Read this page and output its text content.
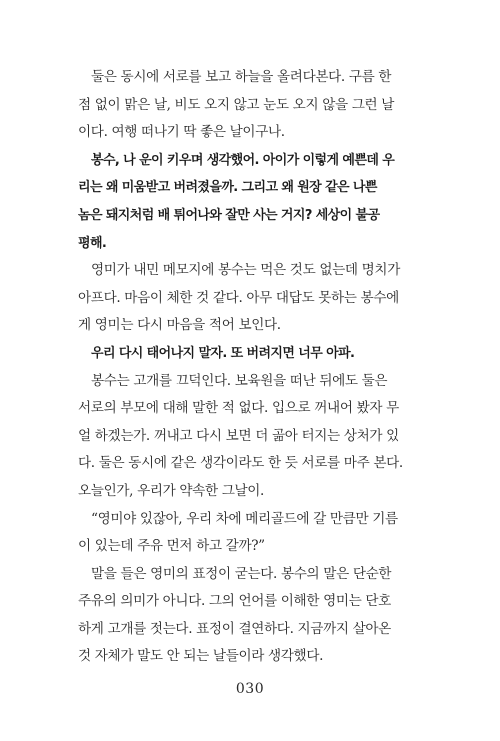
둘은 동시에 서로를 보고 하늘을 올려다본다. 구름 한
점 없이 맑은 날, 비도 오지 않고 눈도 오지 않을 그런 날
이다. 여행 떠나기 딱 좋은 날이구나.
봉수, 나 운이 키우며 생각했어. 아이가 이렇게 예쁜데 우
리는 왜 미움받고 버려졌을까. 그리고 왜 원장 같은 나쁜
놈은 돼지처럼 배 튀어나와 잘만 사는 거지? 세상이 불공
평해.
영미가 내민 메모지에 봉수는 먹은 것도 없는데 명치가
아프다. 마음이 체한 것 같다. 아무 대답도 못하는 봉수에
게 영미는 다시 마음을 적어 보인다.
우리 다시 태어나지 말자. 또 버려지면 너무 아파.
봉수는 고개를 끄덕인다. 보육원을 떠난 뒤에도 둘은
서로의 부모에 대해 말한 적 없다. 입으로 꺼내어 봤자 무
얼 하겠는가. 꺼내고 다시 보면 더 곪아 터지는 상처가 있
다. 둘은 동시에 같은 생각이라도 한 듯 서로를 마주 본다.
오늘인가, 우리가 약속한 그날이.
“영미야 있잖아, 우리 차에 메리골드에 갈 만큼만 기름
이 있는데 주유 먼저 하고 갈까?”
말을 들은 영미의 표정이 굳는다. 봉수의 말은 단순한
주유의 의미가 아니다. 그의 언어를 이해한 영미는 단호
하게 고개를 젓는다. 표정이 결연하다. 지금까지 살아온
것 자체가 말도 안 되는 날들이라 생각했다.
030
